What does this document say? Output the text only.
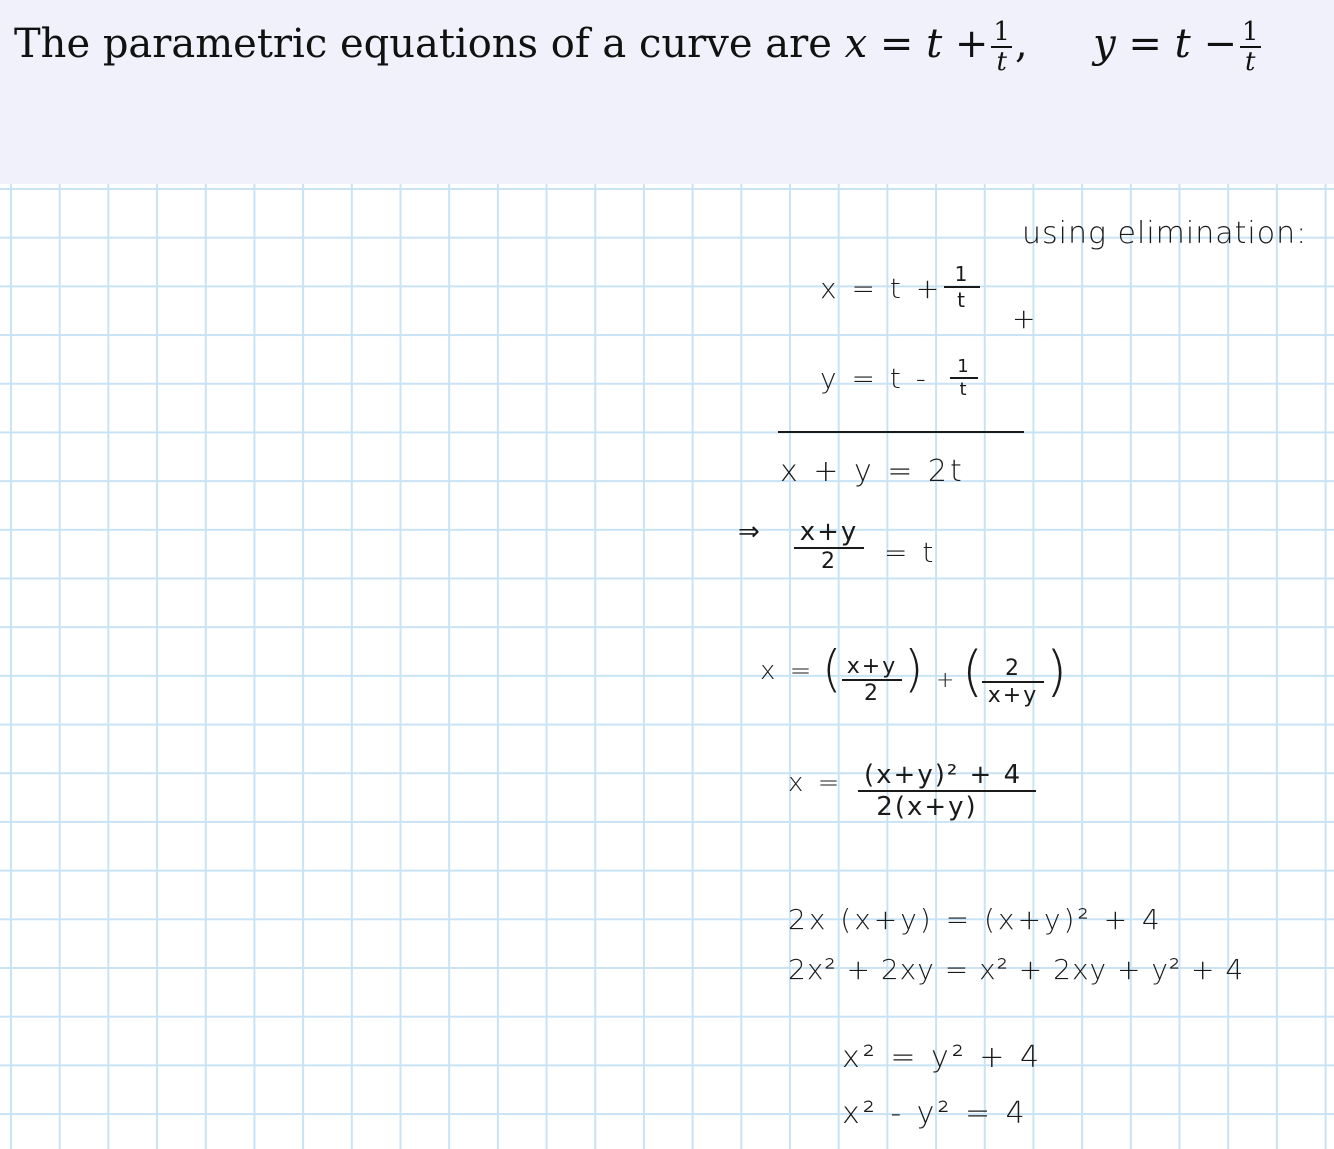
The parametric equations of a curve are $x = t + \frac{1}{t}$ , $y = t - \frac{1}{t}$
using elimination:
$x = t + \frac{1}{t}$
+
$y = t - \frac{1}{t}$
x + y = 2t
⇒ x+y
2	= t
x = ( $\frac{x+y}{2}$ ) + (
$\frac{2}{x+y}$ )
$x = \frac{\text{(x+y)² + 4}}{2(x+y)}$
2x (x+y) = (x+y)² + 4
2x² + 2xy = x² + 2xy + y² + 4
x² = y² + 4
x² - y² = 4
